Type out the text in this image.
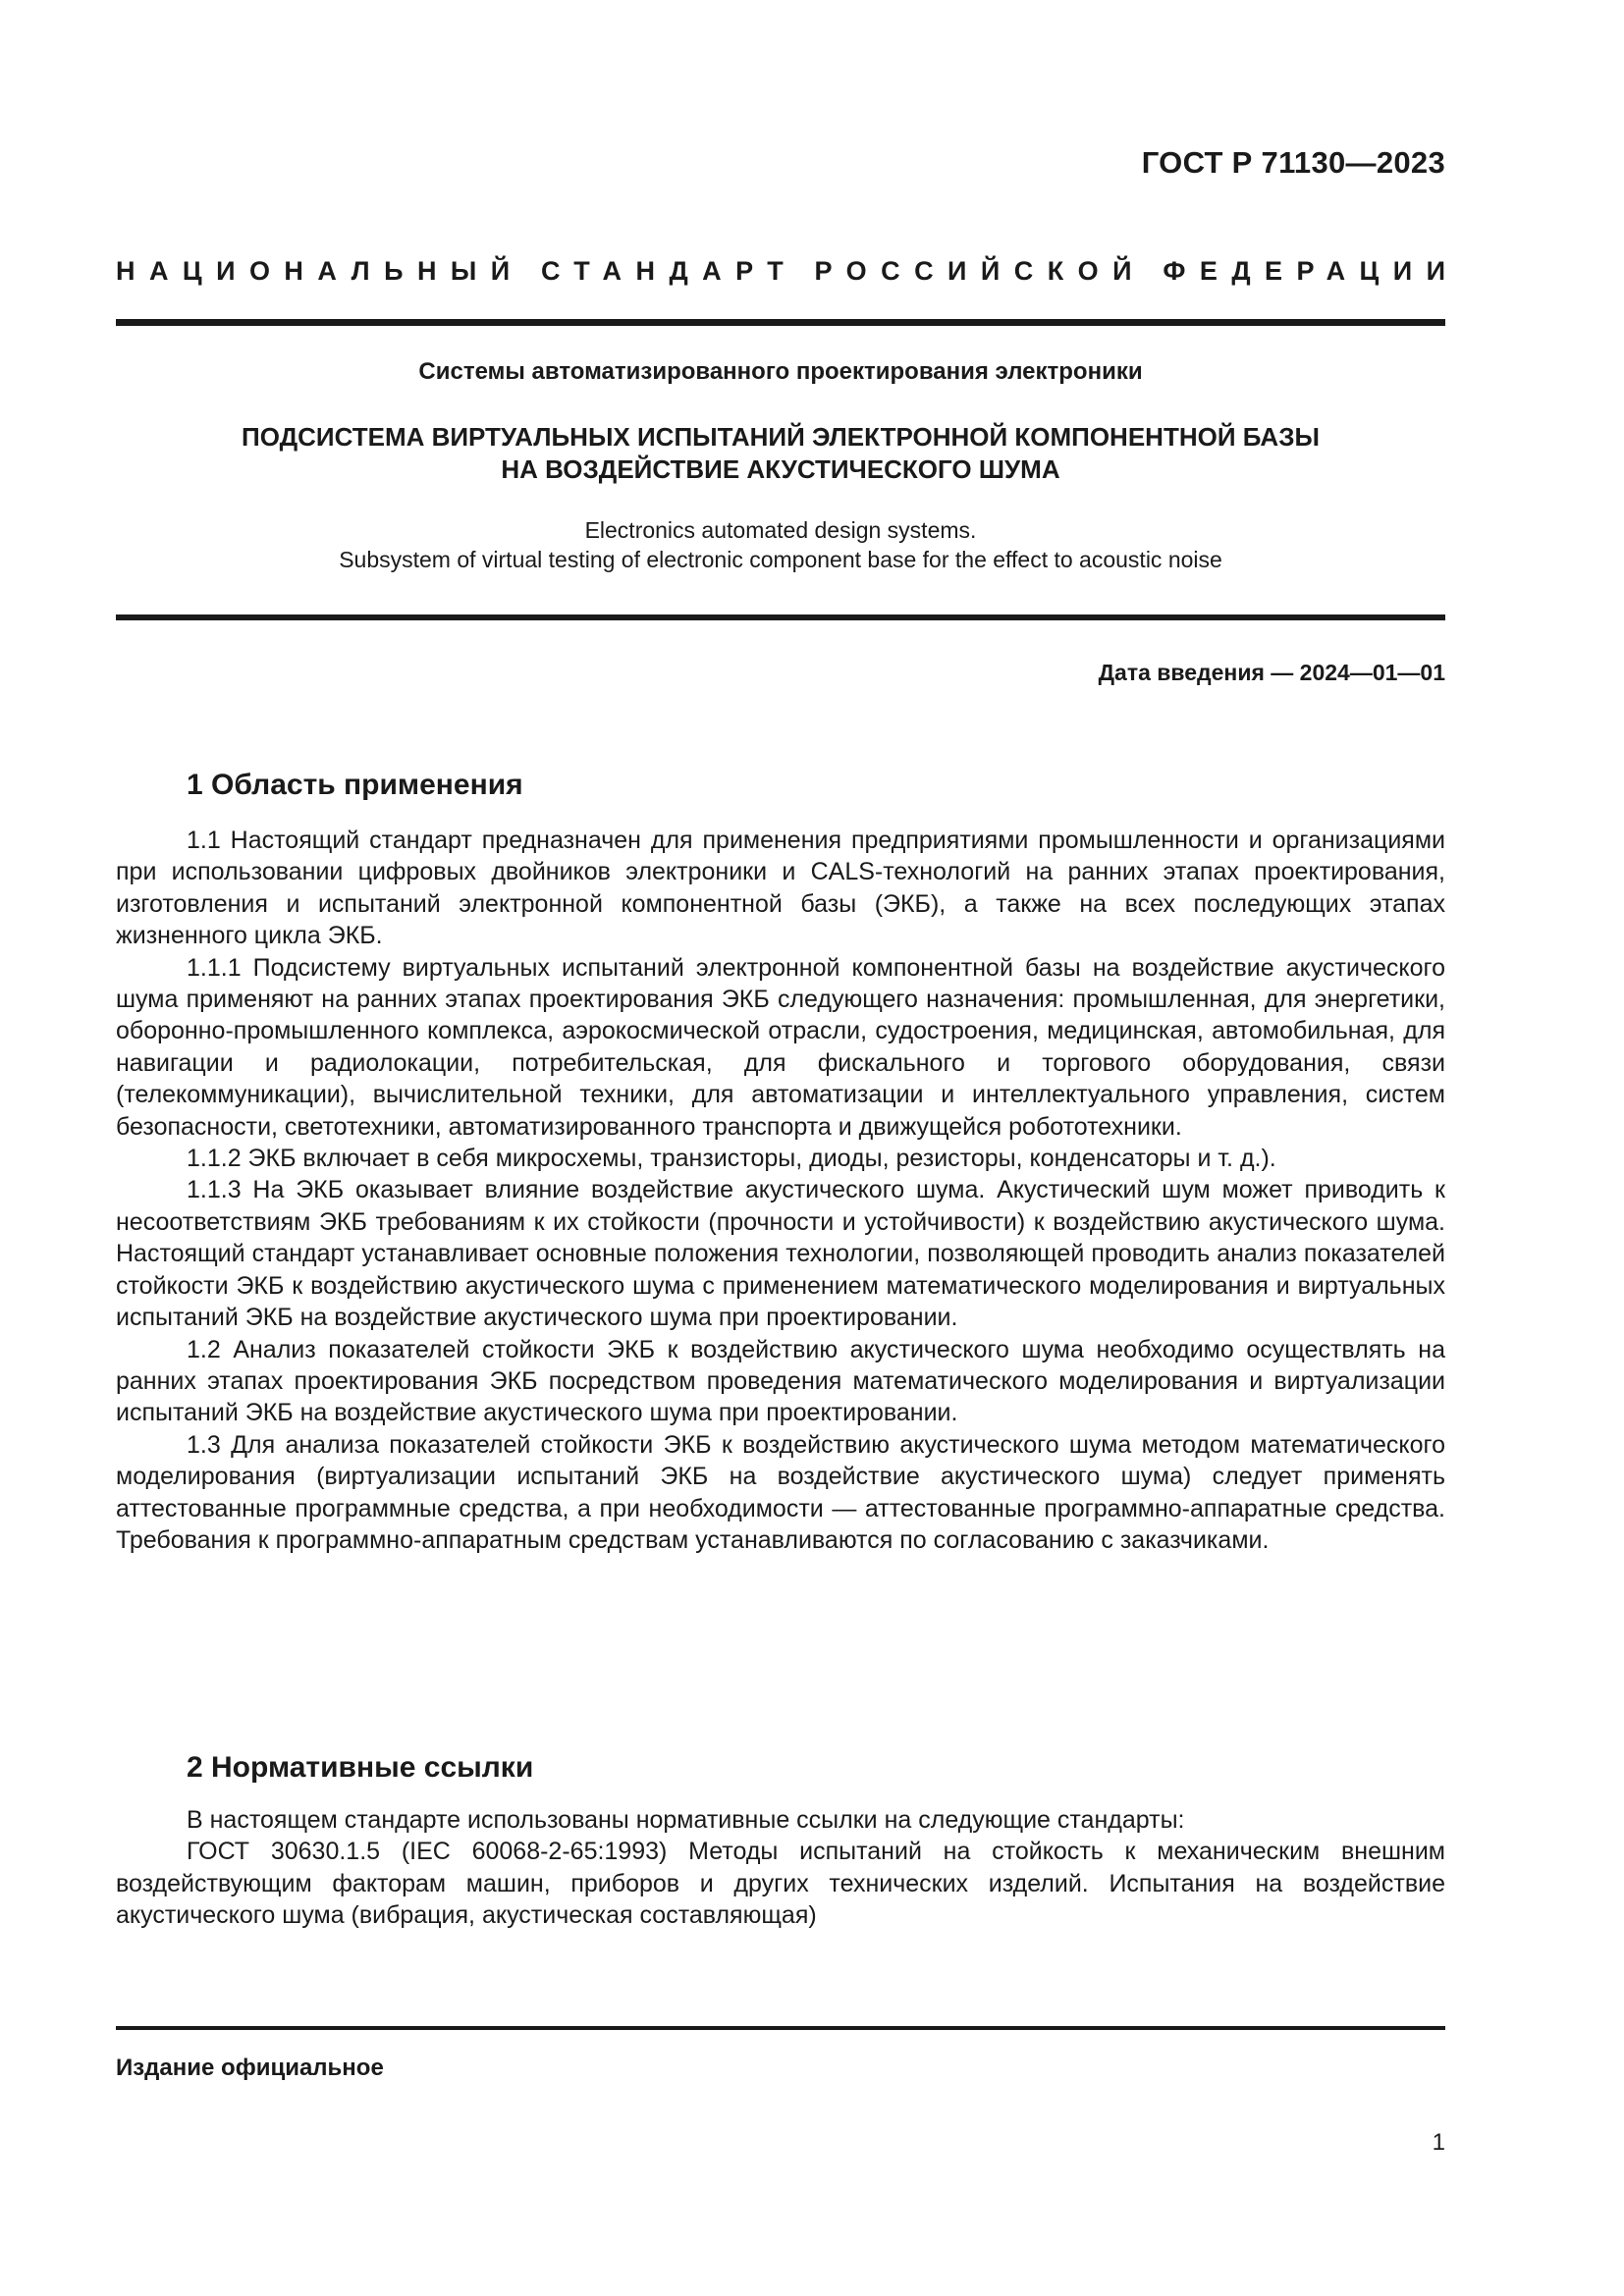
ГОСТ Р 71130—2023
НАЦИОНАЛЬНЫЙ СТАНДАРТ РОССИЙСКОЙ ФЕДЕРАЦИИ
Системы автоматизированного проектирования электроники
ПОДСИСТЕМА ВИРТУАЛЬНЫХ ИСПЫТАНИЙ ЭЛЕКТРОННОЙ КОМПОНЕНТНОЙ БАЗЫ
НА ВОЗДЕЙСТВИЕ АКУСТИЧЕСКОГО ШУМА
Electronics automated design systems.
Subsystem of virtual testing of electronic component base for the effect to acoustic noise
Дата введения — 2024—01—01
1 Область применения

1.1 Настоящий стандарт предназначен для применения предприятиями промышленности и организациями при использовании цифровых двойников электроники и CALS-технологий на ранних этапах проектирования, изготовления и испытаний электронной компонентной базы (ЭКБ), а также на всех последующих этапах жизненного цикла ЭКБ.

1.1.1 Подсистему виртуальных испытаний электронной компонентной базы на воздействие акустического шума применяют на ранних этапах проектирования ЭКБ следующего назначения: промышленная, для энергетики, оборонно-промышленного комплекса, аэрокосмической отрасли, судостроения, медицинская, автомобильная, для навигации и радиолокации, потребительская, для фискального и торгового оборудования, связи (телекоммуникации), вычислительной техники, для автоматизации и интеллектуального управления, систем безопасности, светотехники, автоматизированного транспорта и движущейся робототехники.

1.1.2 ЭКБ включает в себя микросхемы, транзисторы, диоды, резисторы, конденсаторы и т. д.).

1.1.3 На ЭКБ оказывает влияние воздействие акустического шума. Акустический шум может приводить к несоответствиям ЭКБ требованиям к их стойкости (прочности и устойчивости) к воздействию акустического шума. Настоящий стандарт устанавливает основные положения технологии, позволяющей проводить анализ показателей стойкости ЭКБ к воздействию акустического шума с применением математического моделирования и виртуальных испытаний ЭКБ на воздействие акустического шума при проектировании.

1.2 Анализ показателей стойкости ЭКБ к воздействию акустического шума необходимо осуществлять на ранних этапах проектирования ЭКБ посредством проведения математического моделирования и виртуализации испытаний ЭКБ на воздействие акустического шума при проектировании.

1.3 Для анализа показателей стойкости ЭКБ к воздействию акустического шума методом математического моделирования (виртуализации испытаний ЭКБ на воздействие акустического шума) следует применять аттестованные программные средства, а при необходимости — аттестованные программно-аппаратные средства. Требования к программно-аппаратным средствам устанавливаются по согласованию с заказчиками.

2 Нормативные ссылки

В настоящем стандарте использованы нормативные ссылки на следующие стандарты:

ГОСТ 30630.1.5 (IEC 60068-2-65:1993) Методы испытаний на стойкость к механическим внешним воздействующим факторам машин, приборов и других технических изделий. Испытания на воздействие акустического шума (вибрация, акустическая составляющая)

Издание официальное
1
